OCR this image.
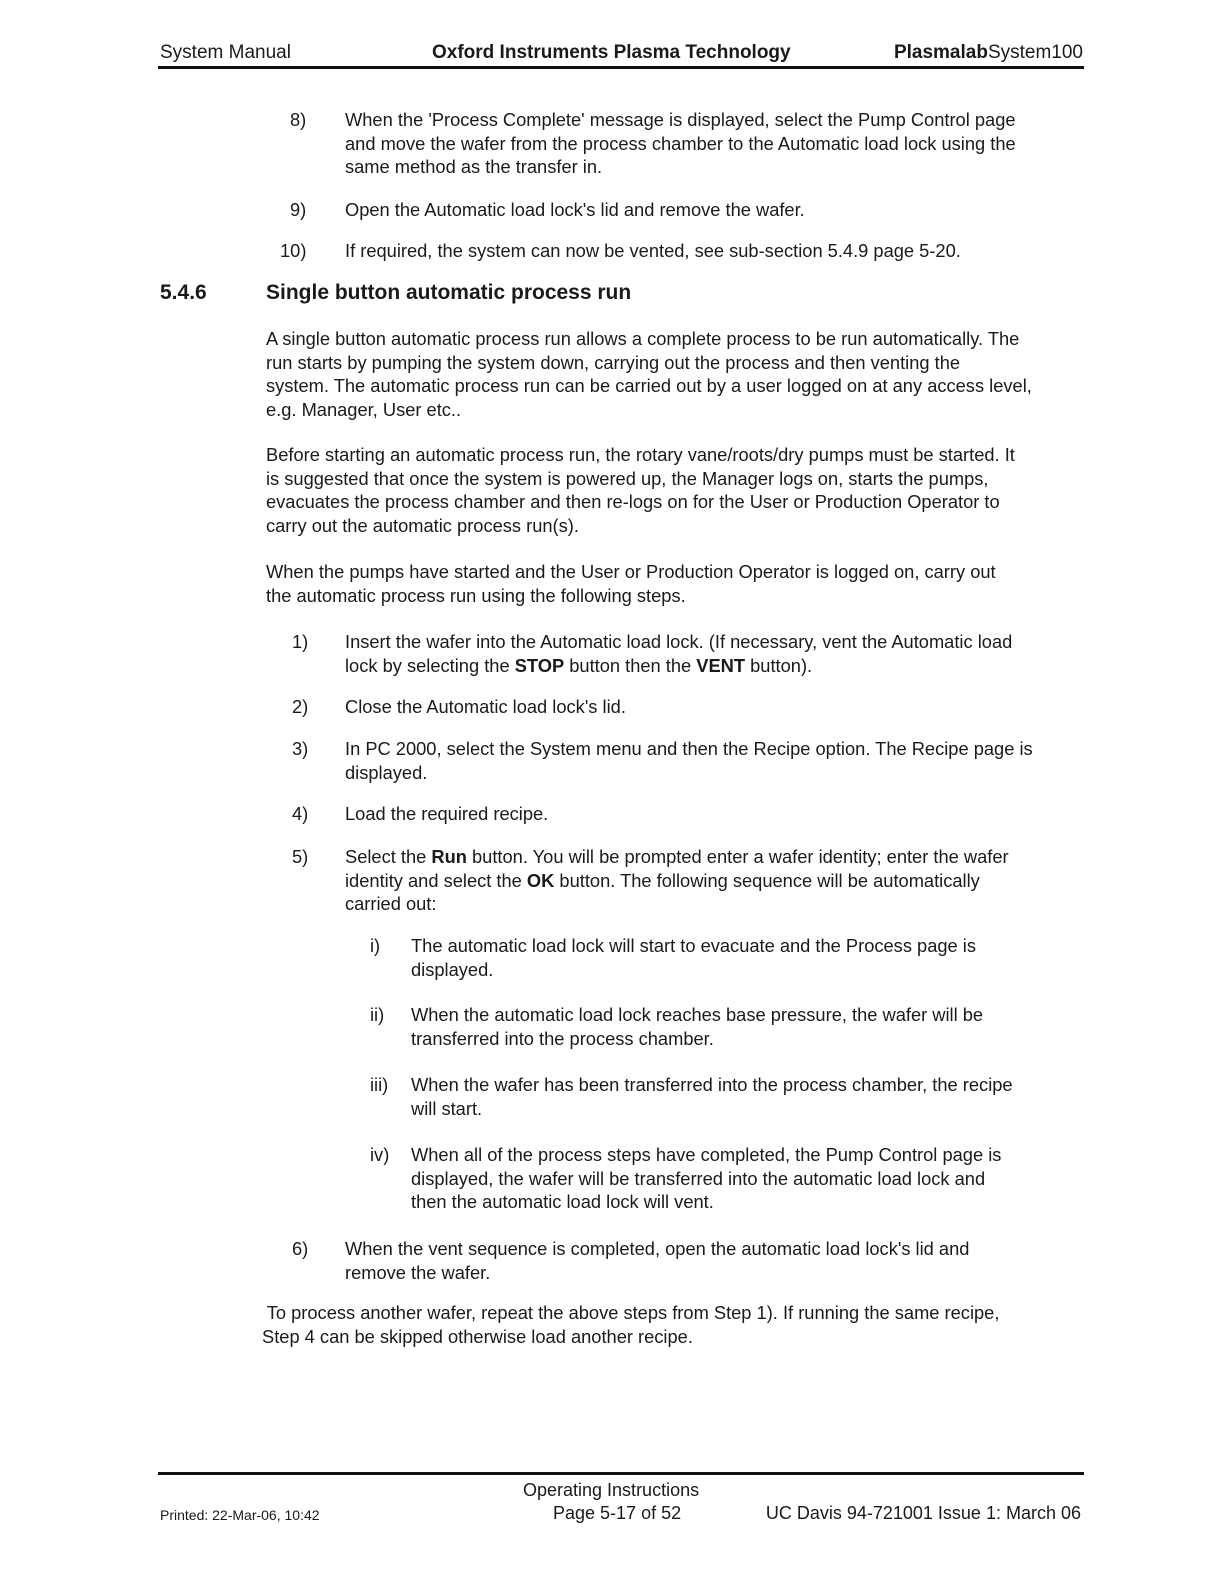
System Manual	Oxford Instruments Plasma Technology	PlasmalabSystem100
8) When the 'Process Complete' message is displayed, select the Pump Control page
and move the wafer from the process chamber to the Automatic load lock using the
same method as the transfer in.
9) Open the Automatic load lock's lid and remove the wafer.
10) If required, the system can now be vented, see sub-section 5.4.9 page 5-20.
5.4.6	Single button automatic process run
A single button automatic process run allows a complete process to be run automatically. The
run starts by pumping the system down, carrying out the process and then venting the
system. The automatic process run can be carried out by a user logged on at any access level,
e.g. Manager, User etc..
Before starting an automatic process run, the rotary vane/roots/dry pumps must be started. It
is suggested that once the system is powered up, the Manager logs on, starts the pumps,
evacuates the process chamber and then re-logs on for the User or Production Operator to
carry out the automatic process run(s).
When the pumps have started and the User or Production Operator is logged on, carry out
the automatic process run using the following steps.
1) Insert the wafer into the Automatic load lock. (If necessary, vent the Automatic load
lock by selecting the STOP button then the VENT button).
2) Close the Automatic load lock's lid.
3) In PC 2000, select the System menu and then the Recipe option. The Recipe page is
displayed.
4) Load the required recipe.
5) Select the Run button. You will be prompted enter a wafer identity; enter the wafer
identity and select the OK button. The following sequence will be automatically
carried out:
i) The automatic load lock will start to evacuate and the Process page is
displayed.
ii) When the automatic load lock reaches base pressure, the wafer will be
transferred into the process chamber.
iii) When the wafer has been transferred into the process chamber, the recipe
will start.
iv) When all of the process steps have completed, the Pump Control page is
displayed, the wafer will be transferred into the automatic load lock and
then the automatic load lock will vent.
6) When the vent sequence is completed, open the automatic load lock's lid and
remove the wafer.
To process another wafer, repeat the above steps from Step 1). If running the same recipe,
Step 4 can be skipped otherwise load another recipe.
Operating Instructions
Printed: 22-Mar-06, 10:42	Page 5-17 of 52	UC Davis 94-721001 Issue 1: March 06
